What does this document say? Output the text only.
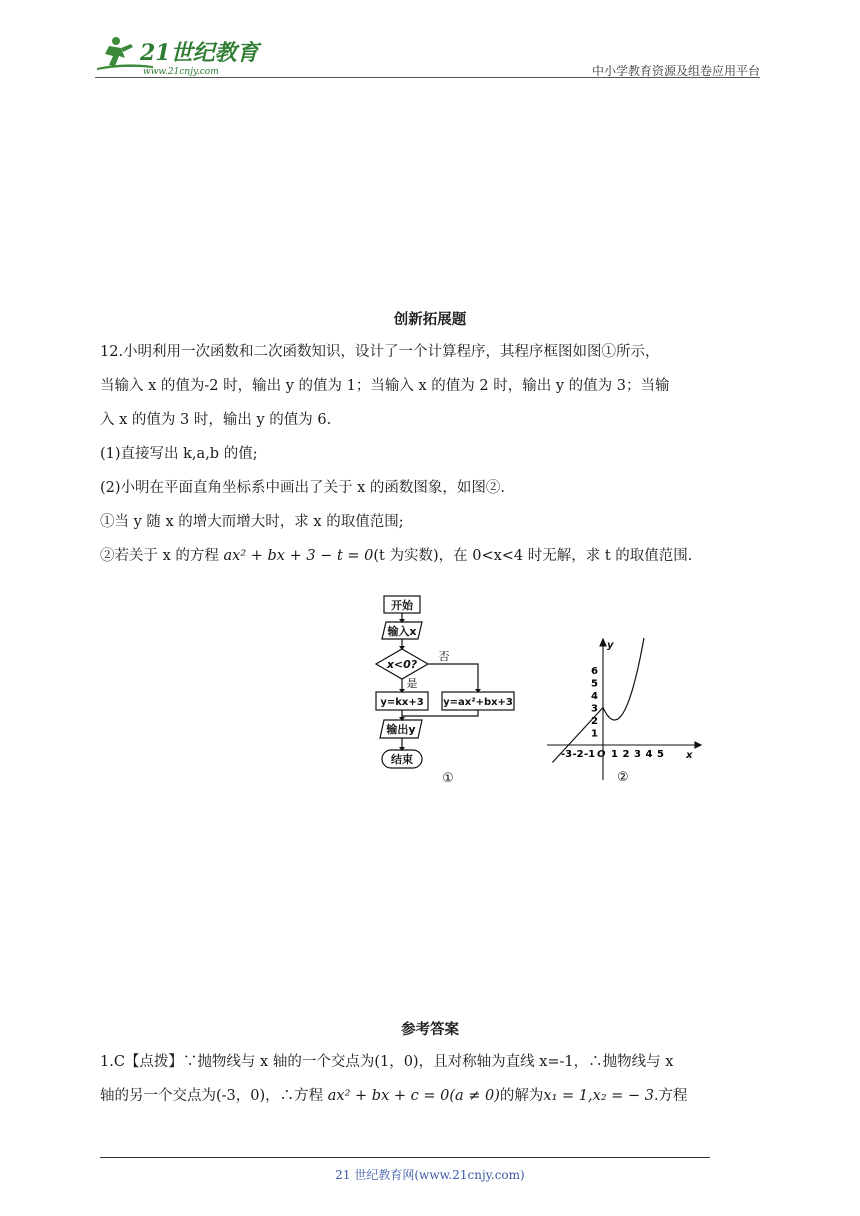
21世纪教育
www.21cnjy.com	中小学教育资源及组卷应用平台
创新拓展题
12.小明利用一次函数和二次函数知识，设计了一个计算程序，其程序框图如图①所示，
当输入 x 的值为-2 时，输出 y 的值为 1；当输入 x 的值为 2 时，输出 y 的值为 3；当输
入 x 的值为 3 时，输出 y 的值为 6.
(1)直接写出 k,a,b 的值;
(2)小明在平面直角坐标系中画出了关于 x 的函数图象，如图②.
①当 y 随 x 的增大而增大时，求 x 的取值范围;
②若关于 x 的方程 ax² + bx + 3 − t = 0(t 为实数)，在 0<x<4 时无解，求 t 的取值范围.
开始
输入x
x<0?
否
是
y=kx+3 y=ax²+bx+3
输出y
结束
①
-3 -2 -1 1 2 3 4 5
1
2
3
4
5
6
y
x
O
②
参考答案
1.C【点拨】∵抛物线与 x 轴的一个交点为(1，0)，且对称轴为直线 x=-1，∴抛物线与 x
轴的另一个交点为(-3，0)，∴方程 ax² + bx + c = 0(a ≠ 0)的解为x₁ = 1,x₂ = − 3.方程
21 世纪教育网(www.21cnjy.com)
